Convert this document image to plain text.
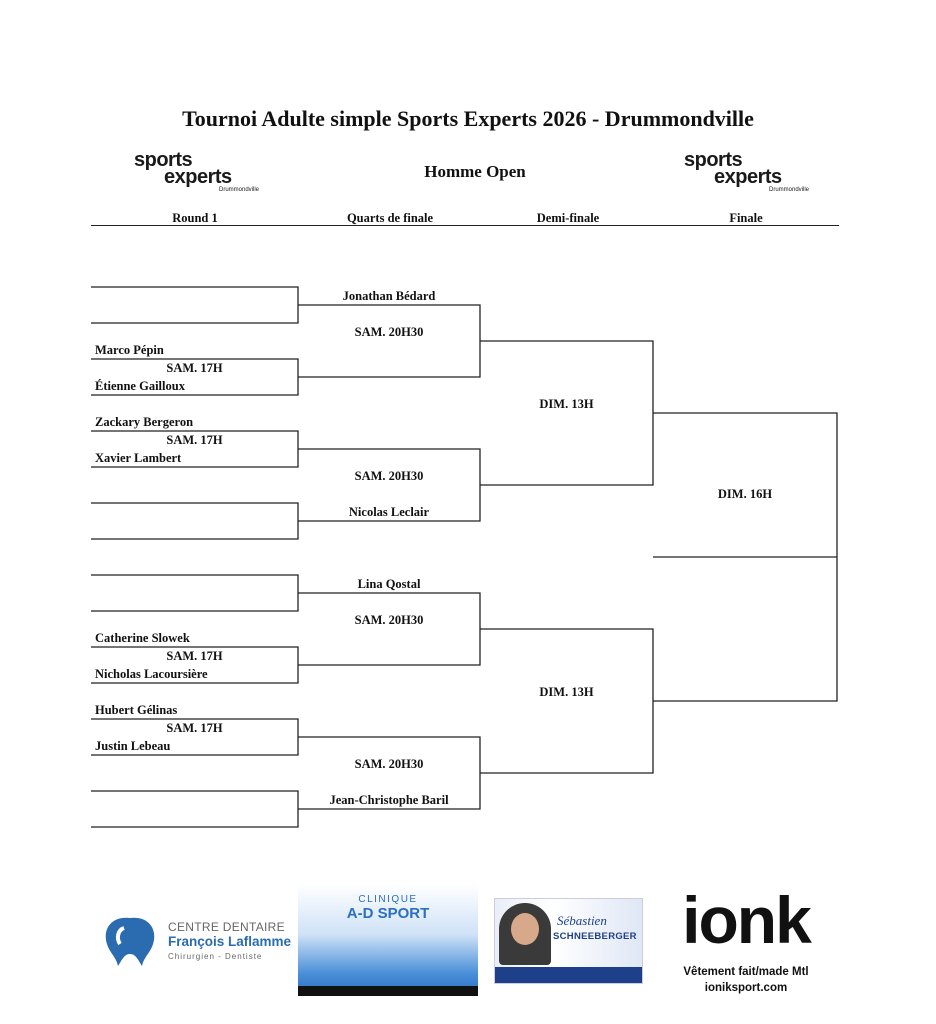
Tournoi Adulte simple Sports Experts 2026 - Drummondville
sports
experts
Drummondville
Homme Open
sports
experts
Drummondville
Round 1	Quarts de finale	Demi-finale	Finale
Marco Pépin
SAM. 17H
Étienne Gailloux
Zackary Bergeron
SAM. 17H
Xavier Lambert
Catherine Slowek
SAM. 17H
Nicholas Lacoursière
Hubert Gélinas
SAM. 17H
Justin Lebeau
Jonathan Bédard
SAM. 20H30
SAM. 20H30
Nicolas Leclair
Lina Qostal
SAM. 20H30
SAM. 20H30
Jean-Christophe Baril
DIM. 13H
DIM. 13H
DIM. 16H
CENTRE DENTAIRE
François Laflamme
Chirurgien - Dentiste
CLINIQUE
A-D SPORT	Sébastien
SCHNEEBERGER ionk
Vêtement fait/made Mtl
ioniksport.com
